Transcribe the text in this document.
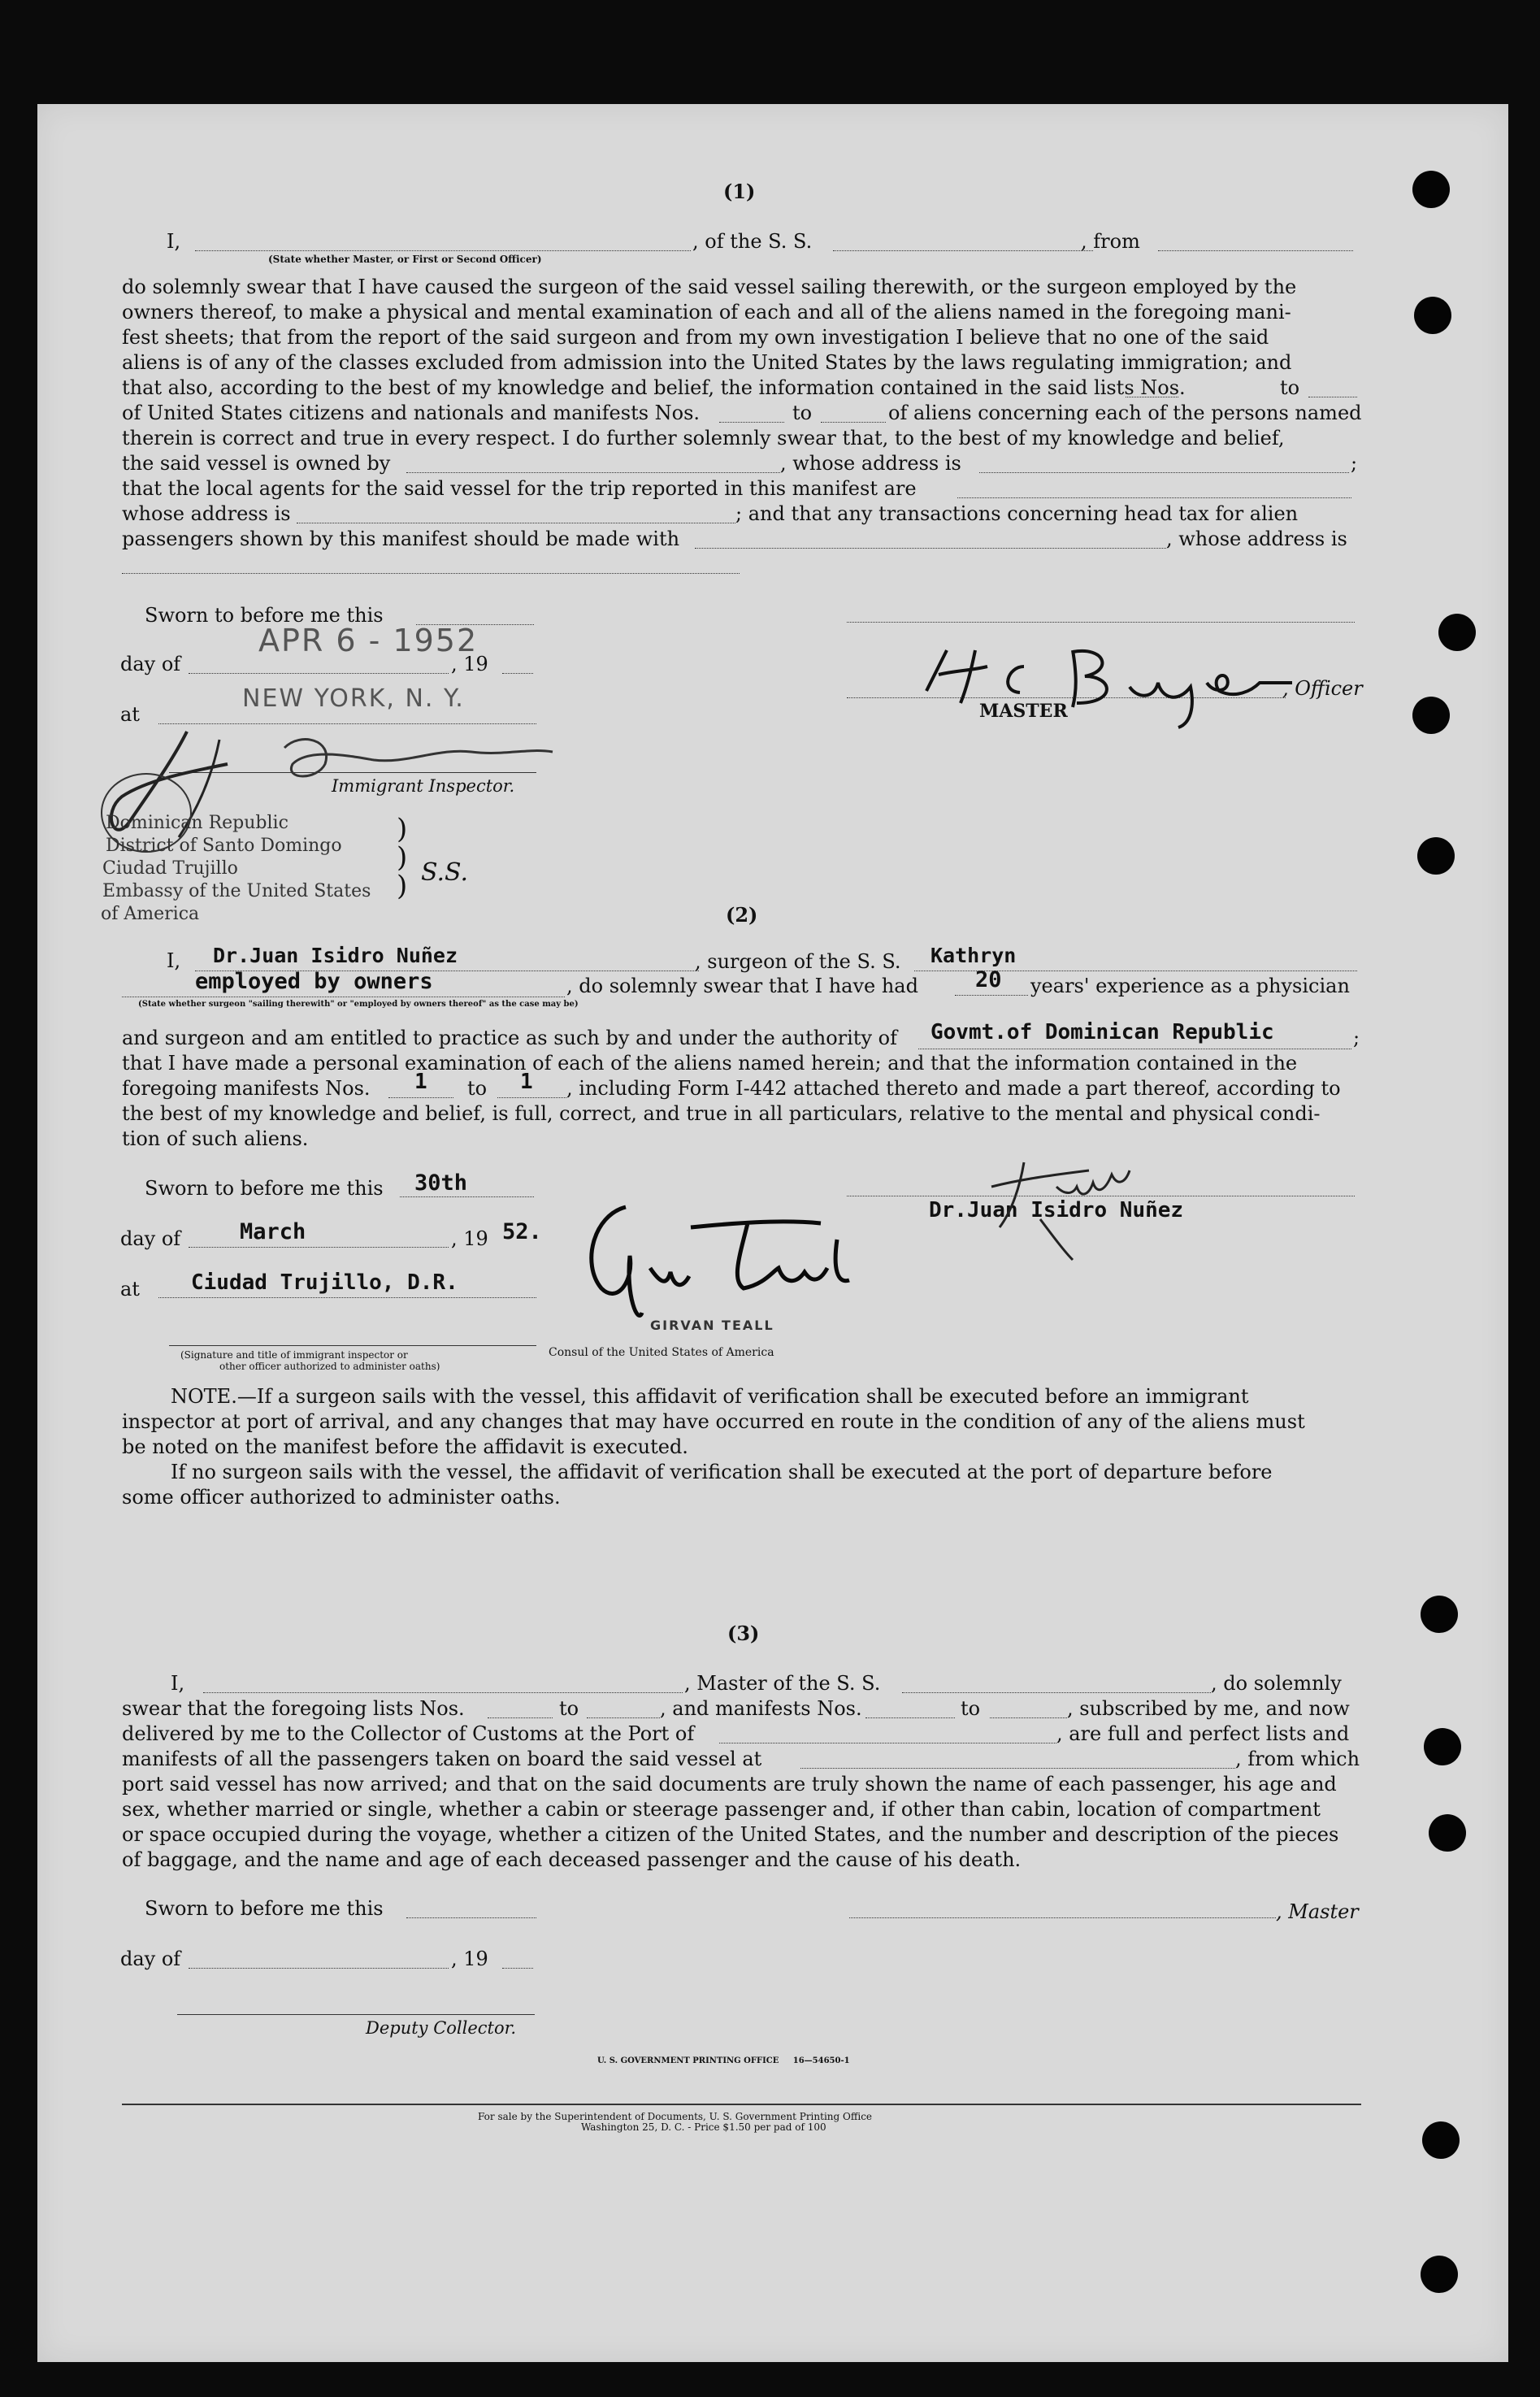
(1)
I,	, of the S. S.	, from
(State whether Master, or First or Second Officer)

do solemnly swear that I have caused the surgeon of the said vessel sailing therewith, or the surgeon employed by the

owners thereof, to make a physical and mental examination of each and all of the aliens named in the foregoing mani-

fest sheets; that from the report of the said surgeon and from my own investigation I believe that no one of the said

aliens is of any of the classes excluded from admission into the United States by the laws regulating immigration; and

that also, according to the best of my knowledge and belief, the information contained in the said lists Nos.	to
of United States citizens and nationals and manifests Nos.	to	of aliens concerning each of the persons named
therein is correct and true in every respect. I do further solemnly swear that, to the best of my knowledge and belief,
the said vessel is owned by	, whose address is	;
that the local agents for the said vessel for the trip reported in this manifest are
whose address is	; and that any transactions concerning head tax for alien
passengers shown by this manifest should be made with	, whose address is
Sworn to before me this
day of
APR 6 - 1952
, 19
at
NEW YORK, N. Y.
Immigrant Inspector.
, Officer
MASTER
Dominican Republic
District of Santo Domingo
Ciudad Trujillo
Embassy of the United States
of America
)
)
) S.S.
(2)
I, Dr.Juan Isidro Nuñez	, surgeon of the S. S. Kathryn
employed by owners	, do solemnly swear that I have had	20 years' experience as a physician
(State whether surgeon "sailing therewith" or "employed by owners thereof" as the case may be)
and surgeon and am entitled to practice as such by and under the authority of Govmt.of Dominican Republic	;
that I have made a personal examination of each of the aliens named herein; and that the information contained in the
foregoing manifests Nos. 1 to 1 , including Form I-442 attached thereto and made a part thereof, according to
the best of my knowledge and belief, is full, correct, and true in all particulars, relative to the mental and physical condi-
tion of such aliens.
Sworn to before me this 30th
day of	March	, 19 52.
at Ciudad Trujillo, D.R.
(Signature and title of immigrant inspector or
other officer authorized to administer oaths)
GIRVAN TEALL
Consul of the United States of America
Dr.Juan Isidro Nuñez
NOTE.—If a surgeon sails with the vessel, this affidavit of verification shall be executed before an immigrant
inspector at port of arrival, and any changes that may have occurred en route in the condition of any of the aliens must
be noted on the manifest before the affidavit is executed.
If no surgeon sails with the vessel, the affidavit of verification shall be executed at the port of departure before
some officer authorized to administer oaths.
(3)
I,	, Master of the S. S.	, do solemnly
swear that the foregoing lists Nos.	to	, and manifests Nos.	to	, subscribed by me, and now
delivered by me to the Collector of Customs at the Port of	, are full and perfect lists and
manifests of all the passengers taken on board the said vessel at	, from which
port said vessel has now arrived; and that on the said documents are truly shown the name of each passenger, his age and
sex, whether married or single, whether a cabin or steerage passenger and, if other than cabin, location of compartment
or space occupied during the voyage, whether a citizen of the United States, and the number and description of the pieces
of baggage, and the name and age of each deceased passenger and the cause of his death.
Sworn to before me this	, Master
day of	, 19
Deputy Collector.
U. S. GOVERNMENT PRINTING OFFICE     16—54650-1
For sale by the Superintendent of Documents, U. S. Government Printing Office
Washington 25, D. C. - Price $1.50 per pad of 100
